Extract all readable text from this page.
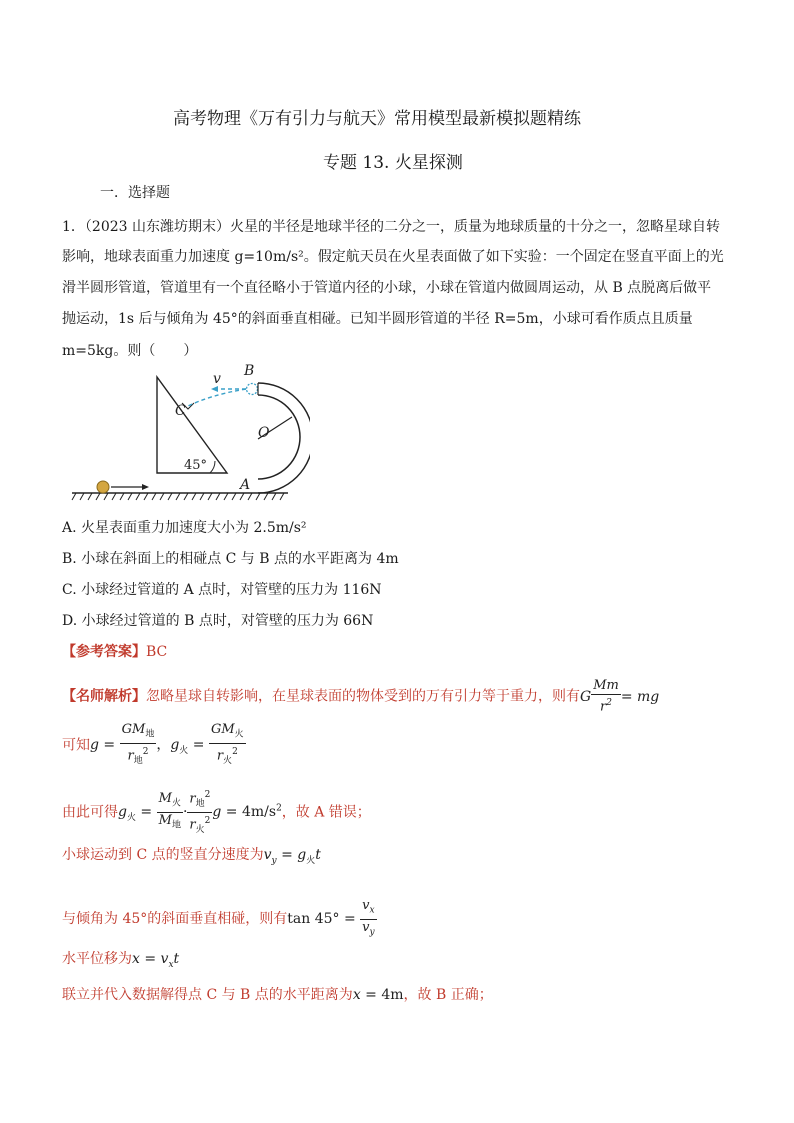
高考物理《万有引力与航天》常用模型最新模拟题精练
专题 13. 火星探测
一．选择题
1．（2023 山东潍坊期末）火星的半径是地球半径的二分之一，质量为地球质量的十分之一，忽略星球自转
影响，地球表面重力加速度 g=10m/s²。假定航天员在火星表面做了如下实验：一个固定在竖直平面上的光
滑半圆形管道，管道里有一个直径略小于管道内径的小球，小球在管道内做圆周运动，从 B 点脱离后做平
抛运动，1s 后与倾角为 45°的斜面垂直相碰。已知半圆形管道的半径 R=5m，小球可看作质点且质量
m=5kg。则（　　）
v B
C
O
A
45°
A. 火星表面重力加速度大小为 2.5m/s²
B. 小球在斜面上的相碰点 C 与 B 点的水平距离为 4m
C. 小球经过管道的 A 点时，对管壁的压力为 116N
D. 小球经过管道的 B 点时，对管壁的压力为 66N
【参考答案】BC
【名师解析】忽略星球自转影响，在星球表面的物体受到的万有引力等于重力，则有G $\frac{Mm}{r^2}$ = mg
可知$g = \frac{GM_地}{r_地^2}$ ，$g_火 = \frac{GM_火}{r_火^2}$
由此可得$g_火 = \frac{M_火}{M_地} \cdot \frac{r_地^2}{r_火^2}$ $g = 4m/s^2$，故 A 错误；
小球运动到 C 点的竖直分速度为$v_y = g_火t$
与倾角为 45°的斜面垂直相碰，则有$\tan 45^\circ = \frac{v_x}{v_y}$
水平位移为$x = v_xt$
联立并代入数据解得点 C 与 B 点的水平距离为x = 4m，故 B 正确；
